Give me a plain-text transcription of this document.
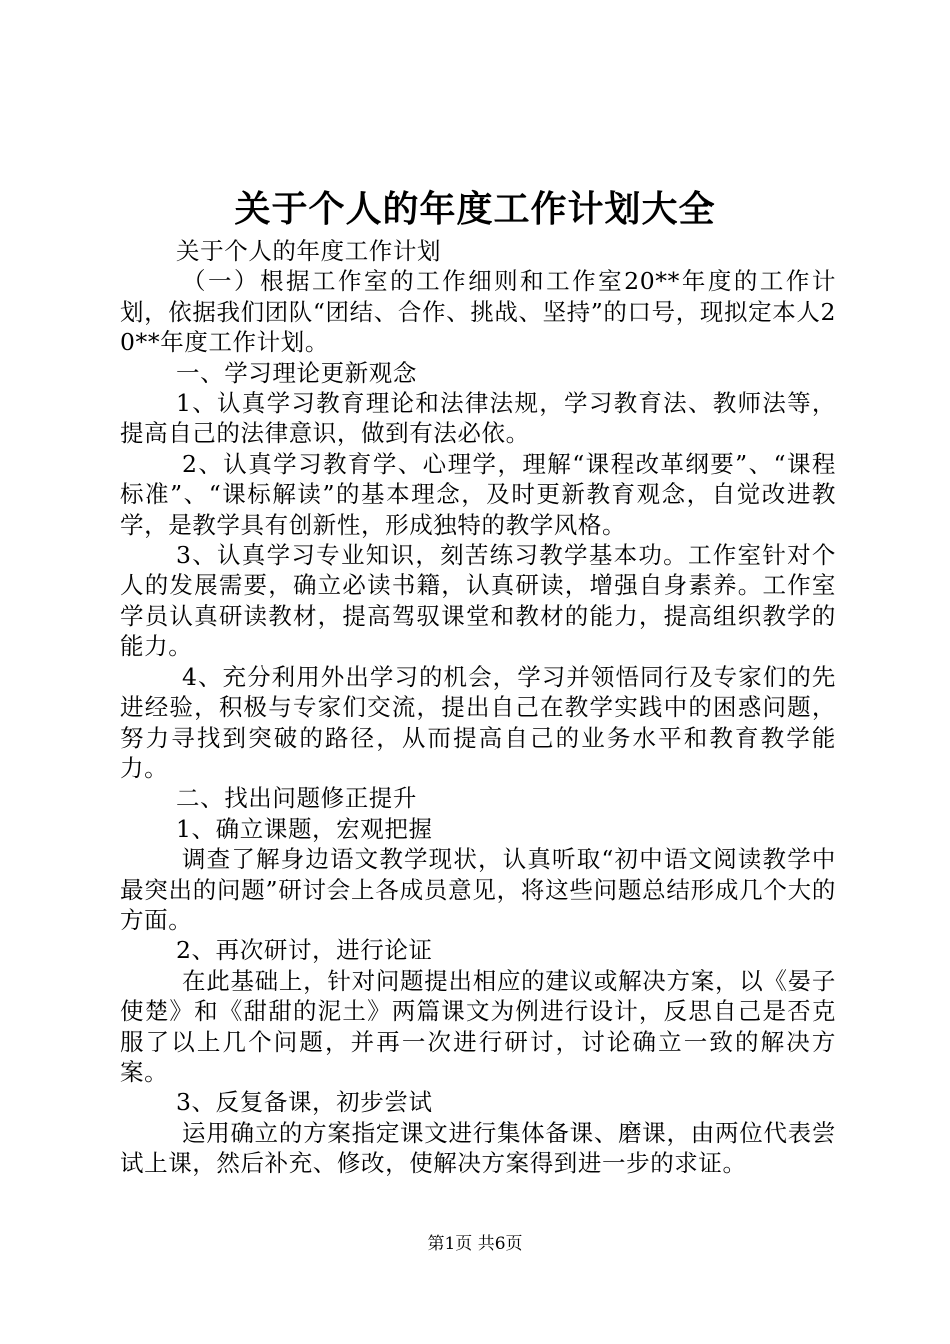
关于个人的年度工作计划大全

关于个人的年度工作计划

（一）根据工作室的工作细则和工作室20**年度的工作计划，依据我们团队“团结、合作、挑战、坚持”的口号，现拟定本人20**年度工作计划。

一、学习理论更新观念

1、认真学习教育理论和法律法规，学习教育法、教师法等，提高自己的法律意识，做到有法必依。

2、认真学习教育学、心理学，理解“课程改革纲要”、“课程标准”、“课标解读”的基本理念，及时更新教育观念，自觉改进教学，是教学具有创新性，形成独特的教学风格。

3、认真学习专业知识，刻苦练习教学基本功。工作室针对个人的发展需要，确立必读书籍，认真研读，增强自身素养。工作室学员认真研读教材，提高驾驭课堂和教材的能力，提高组织教学的能力。

4、充分利用外出学习的机会，学习并领悟同行及专家们的先进经验，积极与专家们交流，提出自己在教学实践中的困惑问题，努力寻找到突破的路径，从而提高自己的业务水平和教育教学能力。

二、找出问题修正提升

1、确立课题，宏观把握

调查了解身边语文教学现状，认真听取“初中语文阅读教学中最突出的问题”研讨会上各成员意见，将这些问题总结形成几个大的方面。

2、再次研讨，进行论证

在此基础上，针对问题提出相应的建议或解决方案，以《晏子使楚》和《甜甜的泥土》两篇课文为例进行设计，反思自己是否克服了以上几个问题，并再一次进行研讨，讨论确立一致的解决方案。

3、反复备课，初步尝试

运用确立的方案指定课文进行集体备课、磨课，由两位代表尝试上课，然后补充、修改，使解决方案得到进一步的求证。

第1页 共6页
